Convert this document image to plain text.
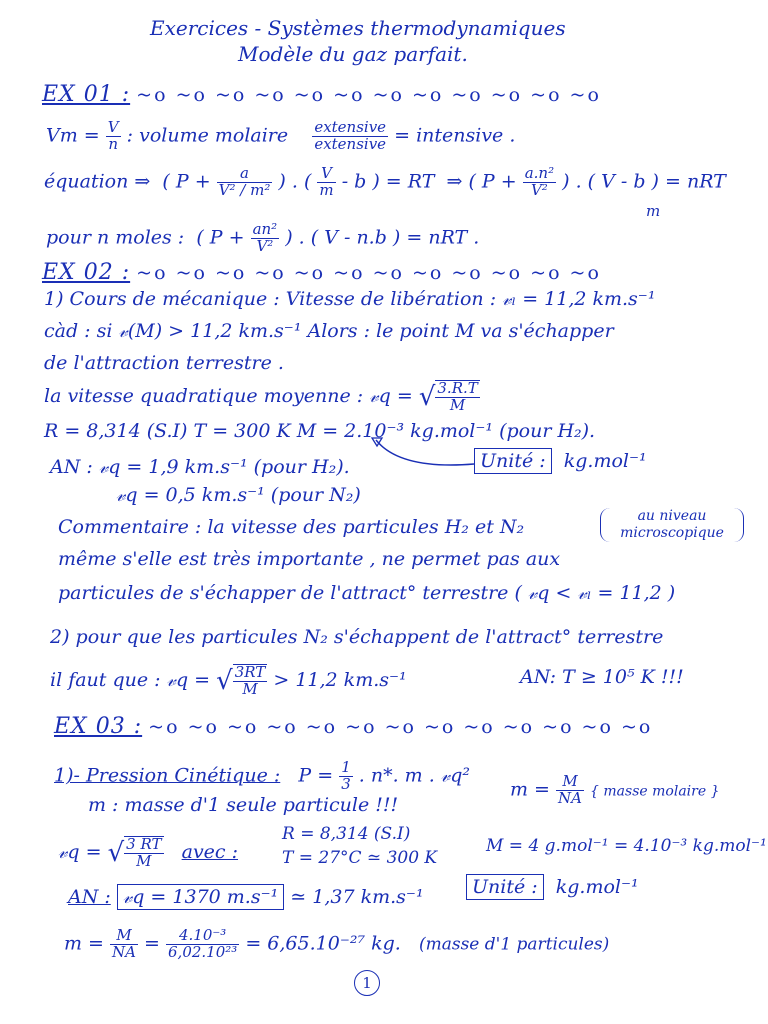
Exercices - Systèmes thermodynamiques
Modèle du gaz parfait.
EX 01 : ~o ~o ~o ~o ~o ~o ~o ~o ~o ~o ~o ~o
$Vm = \frac{V}{n}$ : volume molaire $\frac{\text{extensive}}{\text{extensive}}$ = intensive .
équation ⇒ ( $P + \frac{a}{\text{V² / m²}}$ ) . ( $\frac{V}{m}$ - b ) = RT ⇒ ( $P + \frac{\text{a.n²}}{\text{V²}}$ ) . ( V - b ) = nRT
m
pour n moles : ( $P + \frac{\text{an²}}{\text{V²}}$ ) . ( V - n.b ) = nRT .
EX 02 : ~o ~o ~o ~o ~o ~o ~o ~o ~o ~o ~o ~o
1) Cours de mécanique : Vitesse de libération : 𝓋ₗ = 11,2 km.s⁻¹
càd : si 𝓋(M) > 11,2 km.s⁻¹ Alors : le point M va s'échapper
de l'attraction terrestre .
la vitesse quadratique moyenne : 𝓋q = √ $\frac{3.R.T}{M}$
R = 8,314 (S.I) T = 300 K M = 2.10⁻³ kg.mol⁻¹ (pour H₂).
AN : 𝓋q = 1,9 km.s⁻¹ (pour H₂).	Unité : kg.mol⁻¹
𝓋q = 0,5 km.s⁻¹ (pour N₂)
Commentaire : la vitesse des particules H₂ et N₂	au niveau microscopique
même s'elle est très importante , ne permet pas aux
particules de s'échapper de l'attract° terrestre ( 𝓋q < 𝓋ₗ = 11,2 )
2) pour que les particules N₂ s'échappent de l'attract° terrestre
il faut que : 𝓋q = √ $\frac{3RT}{M} > 11,2$ km.s⁻¹	AN: T ≥ 10⁵ K !!!
EX 03 : ~o ~o ~o ~o ~o ~o ~o ~o ~o ~o ~o ~o ~o
1)- Pression Cinétique : $P = \frac{1}{3}$ . n*. m . 𝓋q²
m : masse d'1 seule particule !!!
$m = \frac{M}{NA}$ { masse molaire }
𝓋q = √ $\frac{3 RT}{M}$ avec :
R = 8,314 (S.I)
T = 27°C ≃ 300 K
M = 4 g.mol⁻¹ = 4.10⁻³ kg.mol⁻¹
AN : 𝓋q = 1370 m.s⁻¹ ≃ 1,37 km.s⁻¹	Unité : kg.mol⁻¹
$m = \frac{M}{NA} = \frac{\text{4.10⁻³}}{\text{6,02.10²³}} = 6,65.10^{-27}$ kg. (masse d'1 particules)
1
